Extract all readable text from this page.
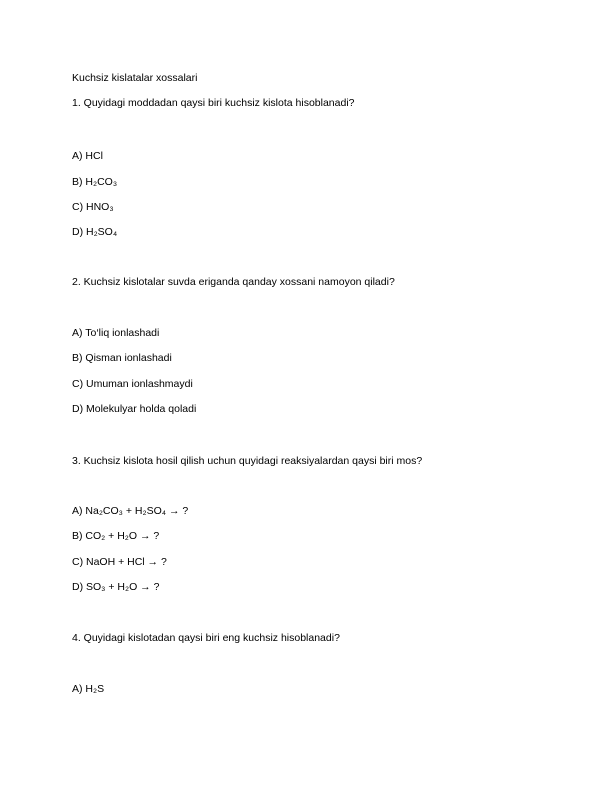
Kuchsiz kislatalar xossalari

1. Quyidagi moddadan qaysi biri kuchsiz kislota hisoblanadi?

A) HCl

B) H₂CO₃

C) HNO₃

D) H₂SO₄

2. Kuchsiz kislotalar suvda eriganda qanday xossani namoyon qiladi?

A) To‘liq ionlashadi

B) Qisman ionlashadi

C) Umuman ionlashmaydi

D) Molekulyar holda qoladi

3. Kuchsiz kislota hosil qilish uchun quyidagi reaksiyalardan qaysi biri mos?

A) Na₂CO₃ + H₂SO₄ → ?

B) CO₂ + H₂O → ?

C) NaOH + HCl → ?

D) SO₃ + H₂O → ?

4. Quyidagi kislotadan qaysi biri eng kuchsiz hisoblanadi?

A) H₂S
